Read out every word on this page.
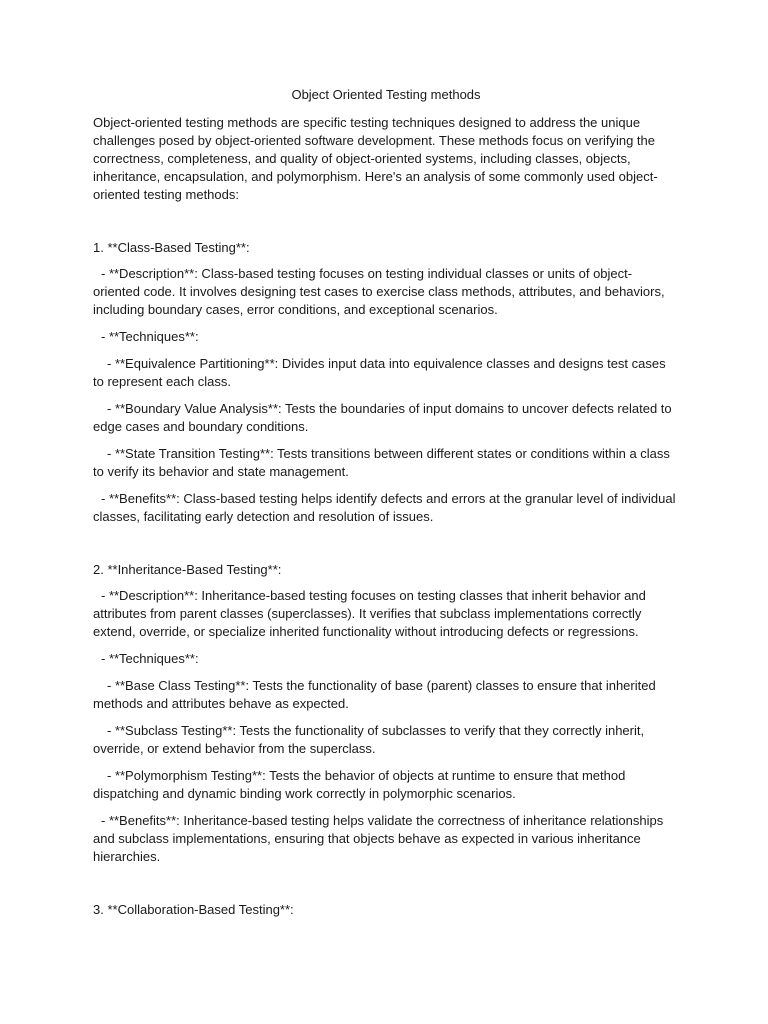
Object Oriented Testing methods

Object-oriented testing methods are specific testing techniques designed to address the unique challenges posed by object-oriented software development. These methods focus on verifying the correctness, completeness, and quality of object-oriented systems, including classes, objects, inheritance, encapsulation, and polymorphism. Here's an analysis of some commonly used object-oriented testing methods:

1. **Class-Based Testing**:

- **Description**: Class-based testing focuses on testing individual classes or units of object-oriented code. It involves designing test cases to exercise class methods, attributes, and behaviors, including boundary cases, error conditions, and exceptional scenarios.

- **Techniques**:

- **Equivalence Partitioning**: Divides input data into equivalence classes and designs test cases to represent each class.

- **Boundary Value Analysis**: Tests the boundaries of input domains to uncover defects related to edge cases and boundary conditions.

- **State Transition Testing**: Tests transitions between different states or conditions within a class to verify its behavior and state management.

- **Benefits**: Class-based testing helps identify defects and errors at the granular level of individual classes, facilitating early detection and resolution of issues.

2. **Inheritance-Based Testing**:

- **Description**: Inheritance-based testing focuses on testing classes that inherit behavior and attributes from parent classes (superclasses). It verifies that subclass implementations correctly extend, override, or specialize inherited functionality without introducing defects or regressions.

- **Techniques**:

- **Base Class Testing**: Tests the functionality of base (parent) classes to ensure that inherited methods and attributes behave as expected.

- **Subclass Testing**: Tests the functionality of subclasses to verify that they correctly inherit, override, or extend behavior from the superclass.

- **Polymorphism Testing**: Tests the behavior of objects at runtime to ensure that method dispatching and dynamic binding work correctly in polymorphic scenarios.

- **Benefits**: Inheritance-based testing helps validate the correctness of inheritance relationships and subclass implementations, ensuring that objects behave as expected in various inheritance hierarchies.

3. **Collaboration-Based Testing**:
